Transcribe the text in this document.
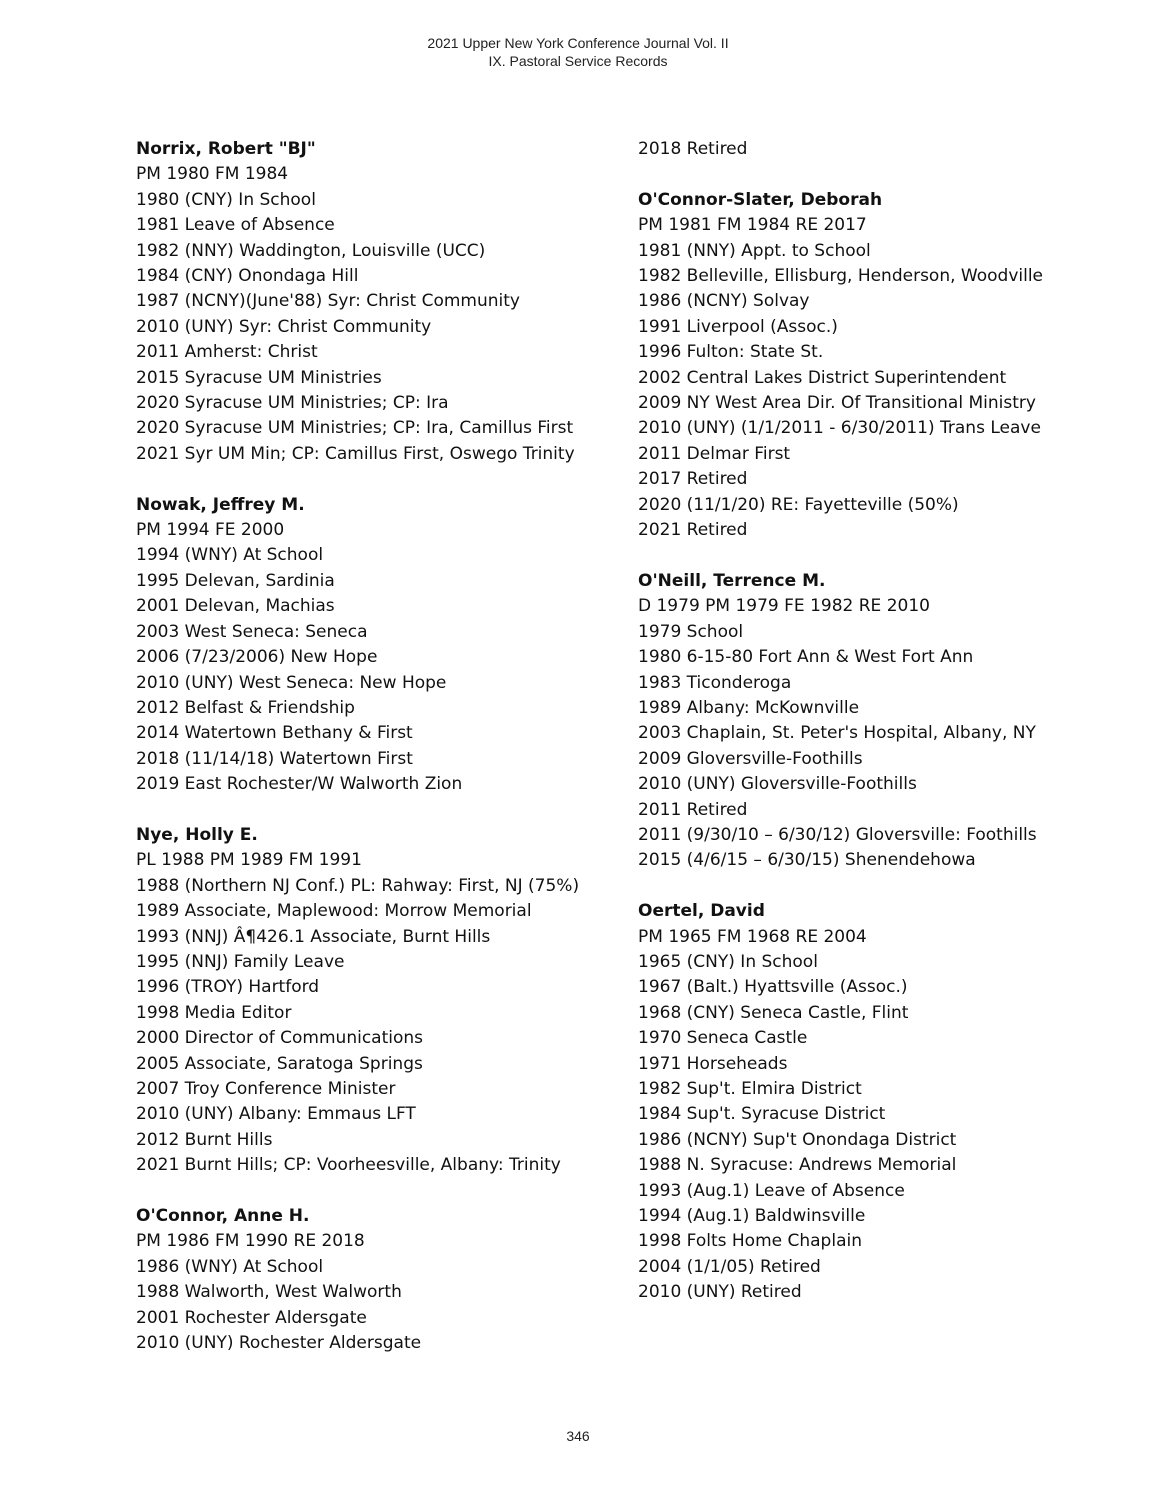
2021 Upper New York Conference Journal Vol. II
IX. Pastoral Service Records
Norrix, Robert "BJ"
PM 1980 FM 1984
1980 (CNY) In School
1981 Leave of Absence
1982 (NNY) Waddington, Louisville (UCC)
1984 (CNY) Onondaga Hill
1987 (NCNY)(June'88) Syr: Christ Community
2010 (UNY) Syr: Christ Community
2011 Amherst: Christ
2015 Syracuse UM Ministries
2020 Syracuse UM Ministries; CP: Ira
2020 Syracuse UM Ministries; CP: Ira, Camillus First
2021 Syr UM Min; CP: Camillus First, Oswego Trinity
Nowak, Jeffrey M.
PM 1994 FE 2000
1994 (WNY) At School
1995 Delevan, Sardinia
2001 Delevan, Machias
2003 West Seneca: Seneca
2006 (7/23/2006) New Hope
2010 (UNY) West Seneca: New Hope
2012 Belfast & Friendship
2014 Watertown Bethany & First
2018 (11/14/18) Watertown First
2019 East Rochester/W Walworth Zion
Nye, Holly E.
PL 1988 PM 1989 FM 1991
1988 (Northern NJ Conf.) PL: Rahway: First, NJ (75%)
1989 Associate, Maplewood: Morrow Memorial
1993 (NNJ) Â¶426.1 Associate, Burnt Hills
1995 (NNJ) Family Leave
1996 (TROY) Hartford
1998 Media Editor
2000 Director of Communications
2005 Associate, Saratoga Springs
2007 Troy Conference Minister
2010 (UNY) Albany: Emmaus LFT
2012 Burnt Hills
2021 Burnt Hills; CP: Voorheesville, Albany: Trinity
O'Connor, Anne H.
PM 1986 FM 1990 RE 2018
1986 (WNY) At School
1988 Walworth, West Walworth
2001 Rochester Aldersgate
2010 (UNY) Rochester Aldersgate
2018 Retired
O'Connor-Slater, Deborah
PM 1981 FM 1984 RE 2017
1981 (NNY) Appt. to School
1982 Belleville, Ellisburg, Henderson, Woodville
1986 (NCNY) Solvay
1991 Liverpool (Assoc.)
1996 Fulton: State St.
2002 Central Lakes District Superintendent
2009 NY West Area Dir. Of Transitional Ministry
2010 (UNY) (1/1/2011 - 6/30/2011) Trans Leave
2011 Delmar First
2017 Retired
2020 (11/1/20) RE: Fayetteville (50%)
2021 Retired
O'Neill, Terrence M.
D 1979 PM 1979 FE 1982 RE 2010
1979 School
1980 6-15-80 Fort Ann & West Fort Ann
1983 Ticonderoga
1989 Albany: McKownville
2003 Chaplain, St. Peter's Hospital, Albany, NY
2009 Gloversville-Foothills
2010 (UNY) Gloversville-Foothills
2011 Retired
2011 (9/30/10 – 6/30/12) Gloversville: Foothills
2015 (4/6/15 – 6/30/15) Shenendehowa
Oertel, David
PM 1965 FM 1968 RE 2004
1965 (CNY) In School
1967 (Balt.) Hyattsville (Assoc.)
1968 (CNY) Seneca Castle, Flint
1970 Seneca Castle
1971 Horseheads
1982 Sup't. Elmira District
1984 Sup't. Syracuse District
1986 (NCNY) Sup't Onondaga District
1988 N. Syracuse: Andrews Memorial
1993 (Aug.1) Leave of Absence
1994 (Aug.1) Baldwinsville
1998 Folts Home Chaplain
2004 (1/1/05) Retired
2010 (UNY) Retired
346
